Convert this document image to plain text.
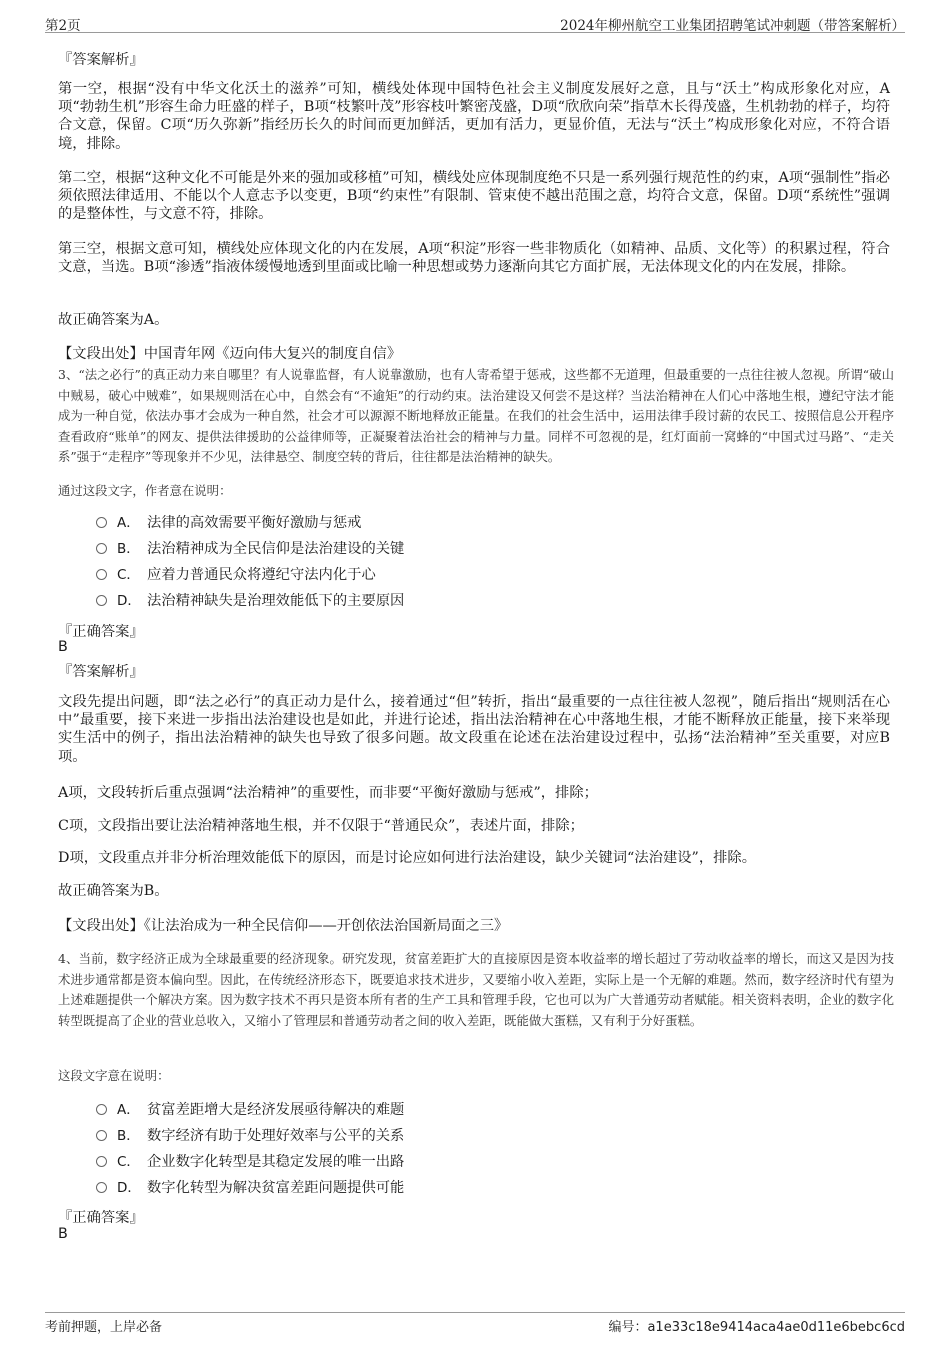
第2页	2024年柳州航空工业集团招聘笔试冲刺题（带答案解析）
『答案解析』

第一空，根据“没有中华文化沃土的滋养”可知，横线处体现中国特色社会主义制度发展好之意，且与“沃土”构成形象化对应，A项“勃勃生机”形容生命力旺盛的样子，B项“枝繁叶茂”形容枝叶繁密茂盛，D项“欣欣向荣”指草木长得茂盛，生机勃勃的样子，均符合文意，保留。C项“历久弥新”指经历长久的时间而更加鲜活，更加有活力，更显价值，无法与“沃土”构成形象化对应，不符合语境，排除。

第二空，根据“这种文化不可能是外来的强加或移植”可知，横线处应体现制度绝不只是一系列强行规范性的约束，A项“强制性”指必须依照法律适用、不能以个人意志予以变更，B项“约束性”有限制、管束使不越出范围之意，均符合文意，保留。D项“系统性”强调的是整体性，与文意不符，排除。

第三空，根据文意可知，横线处应体现文化的内在发展，A项“积淀”形容一些非物质化（如精神、品质、文化等）的积累过程，符合文意，当选。B项“渗透”指液体缓慢地透到里面或比喻一种思想或势力逐渐向其它方面扩展，无法体现文化的内在发展，排除。

故正确答案为A。

【文段出处】中国青年网《迈向伟大复兴的制度自信》

3、“法之必行”的真正动力来自哪里？有人说靠监督，有人说靠激励，也有人寄希望于惩戒，这些都不无道理，但最重要的一点往往被人忽视。所谓“破山中贼易，破心中贼难”，如果规则活在心中，自然会有“不逾矩”的行动约束。法治建设又何尝不是这样？当法治精神在人们心中落地生根，遵纪守法才能成为一种自觉，依法办事才会成为一种自然，社会才可以源源不断地释放正能量。在我们的社会生活中，运用法律手段讨薪的农民工、按照信息公开程序查看政府“账单”的网友、提供法律援助的公益律师等，正凝聚着法治社会的精神与力量。同样不可忽视的是，红灯面前一窝蜂的“中国式过马路”、“走关系”强于“走程序”等现象并不少见，法律悬空、制度空转的背后，往往都是法治精神的缺失。

通过这段文字，作者意在说明：
A． 法律的高效需要平衡好激励与惩戒
B． 法治精神成为全民信仰是法治建设的关键
C． 应着力普通民众将遵纪守法内化于心
D． 法治精神缺失是治理效能低下的主要原因
『正确答案』
B
『答案解析』

文段先提出问题，即“法之必行”的真正动力是什么，接着通过“但”转折，指出“最重要的一点往往被人忽视”，随后指出“规则活在心中”最重要，接下来进一步指出法治建设也是如此，并进行论述，指出法治精神在心中落地生根，才能不断释放正能量，接下来举现实生活中的例子，指出法治精神的缺失也导致了很多问题。故文段重在论述在法治建设过程中，弘扬“法治精神”至关重要，对应B项。

A项，文段转折后重点强调“法治精神”的重要性，而非要“平衡好激励与惩戒”，排除；

C项，文段指出要让法治精神落地生根，并不仅限于“普通民众”，表述片面，排除；

D项，文段重点并非分析治理效能低下的原因，而是讨论应如何进行法治建设，缺少关键词“法治建设”，排除。

故正确答案为B。

【文段出处】《让法治成为一种全民信仰——开创依法治国新局面之三》

4、当前，数字经济正成为全球最重要的经济现象。研究发现，贫富差距扩大的直接原因是资本收益率的增长超过了劳动收益率的增长，而这又是因为技术进步通常都是资本偏向型。因此，在传统经济形态下，既要追求技术进步，又要缩小收入差距，实际上是一个无解的难题。然而，数字经济时代有望为上述难题提供一个解决方案。因为数字技术不再只是资本所有者的生产工具和管理手段，它也可以为广大普通劳动者赋能。相关资料表明，企业的数字化转型既提高了企业的营业总收入，又缩小了管理层和普通劳动者之间的收入差距，既能做大蛋糕，又有利于分好蛋糕。

这段文字意在说明：
A． 贫富差距增大是经济发展亟待解决的难题
B． 数字经济有助于处理好效率与公平的关系
C． 企业数字化转型是其稳定发展的唯一出路
D． 数字化转型为解决贫富差距问题提供可能
『正确答案』
B
考前押题，上岸必备	编号：a1e33c18e9414aca4ae0d11e6bebc6cd
